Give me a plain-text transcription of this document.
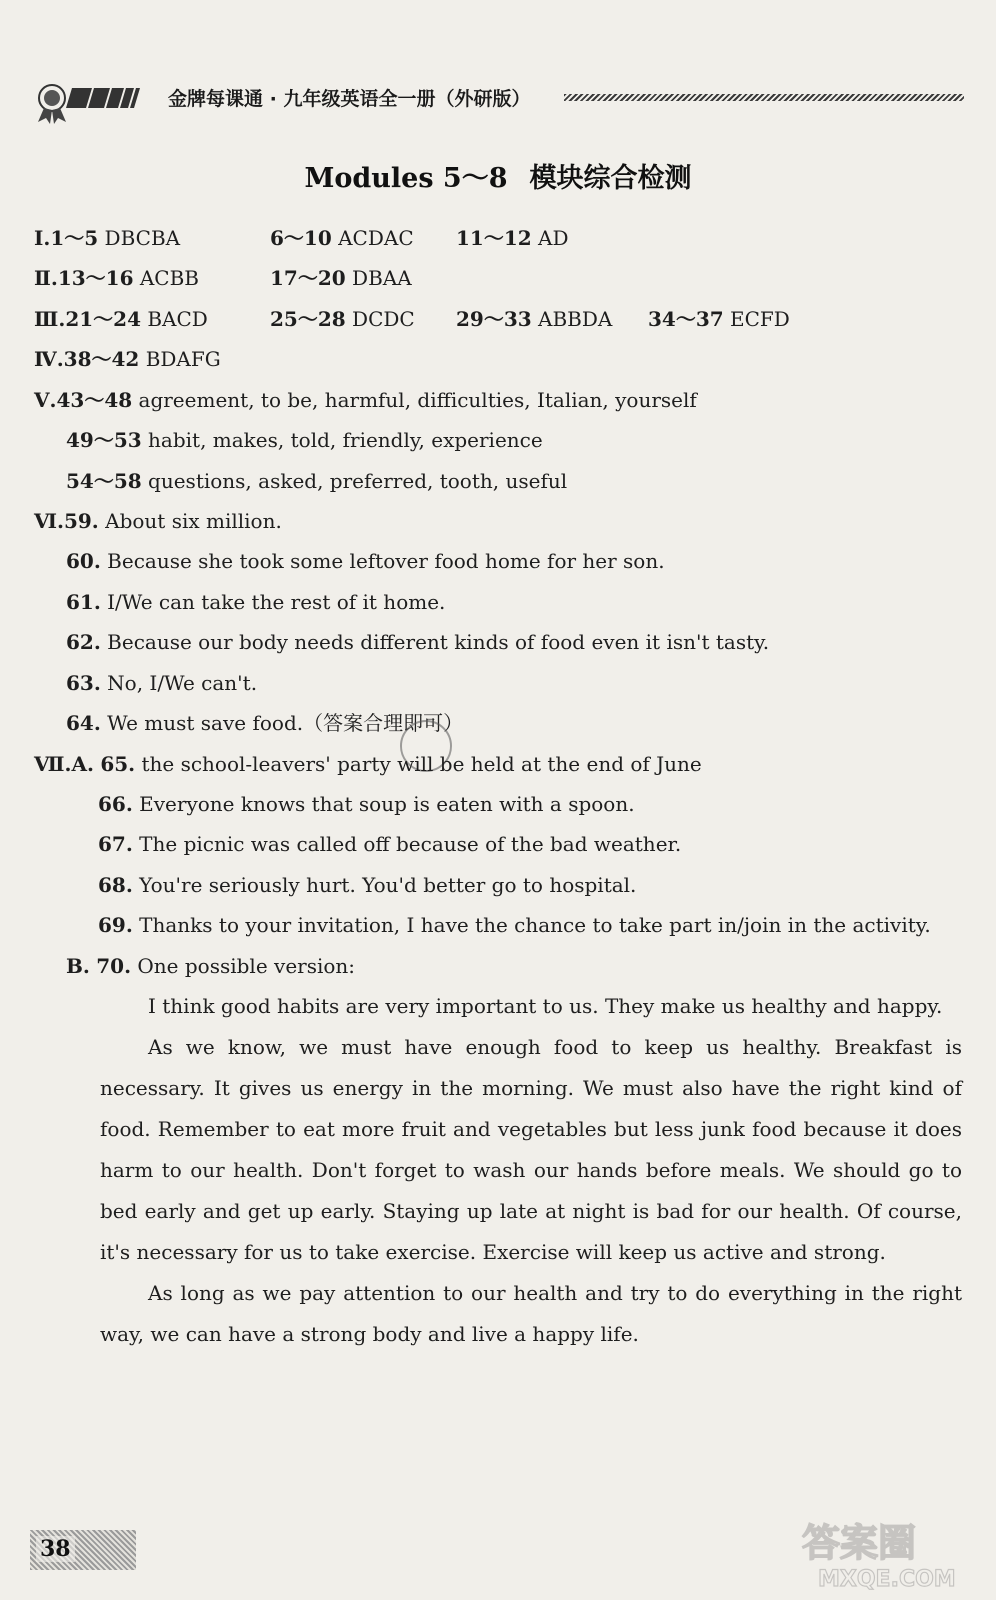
金牌每课通 · 九年级英语全一册（外研版）
Modules 5～8 模块综合检测
Ⅰ.1～5 DBCBA	6～10 ACDAC 11～12 AD
Ⅱ.13～16 ACBB	17～20 DBAA
Ⅲ.21～24 BACD	25～28 DCDC 29～33 ABBDA 34～37 ECFD
Ⅳ.38～42 BDAFG
Ⅴ.43～48 agreement, to be, harmful, difficulties, Italian, yourself
49～53 habit, makes, told, friendly, experience
54～58 questions, asked, preferred, tooth, useful
Ⅵ.59. About six million.
60. Because she took some leftover food home for her son.
61. I/We can take the rest of it home.
62. Because our body needs different kinds of food even it isn't tasty.
63. No, I/We can't.
64. We must save food.（答案合理即可）
Ⅶ.A. 65. the school-leavers' party will be held at the end of June
66. Everyone knows that soup is eaten with a spoon.
67. The picnic was called off because of the bad weather.
68. You're seriously hurt. You'd better go to hospital.
69. Thanks to your invitation, I have the chance to take part in/join in the activity.
B. 70. One possible version:

I think good habits are very important to us. They make us healthy and happy.

As we know, we must have enough food to keep us healthy. Breakfast is necessary. It gives us energy in the morning. We must also have the right kind of food. Remember to eat more fruit and vegetables but less junk food because it does harm to our health. Don't forget to wash our hands before meals. We should go to bed early and get up early. Staying up late at night is bad for our health. Of course, it's necessary for us to take exercise. Exercise will keep us active and strong.

As long as we pay attention to our health and try to do everything in the right way, we can have a strong body and live a happy life.

38	答案圈
MXQE.COM
